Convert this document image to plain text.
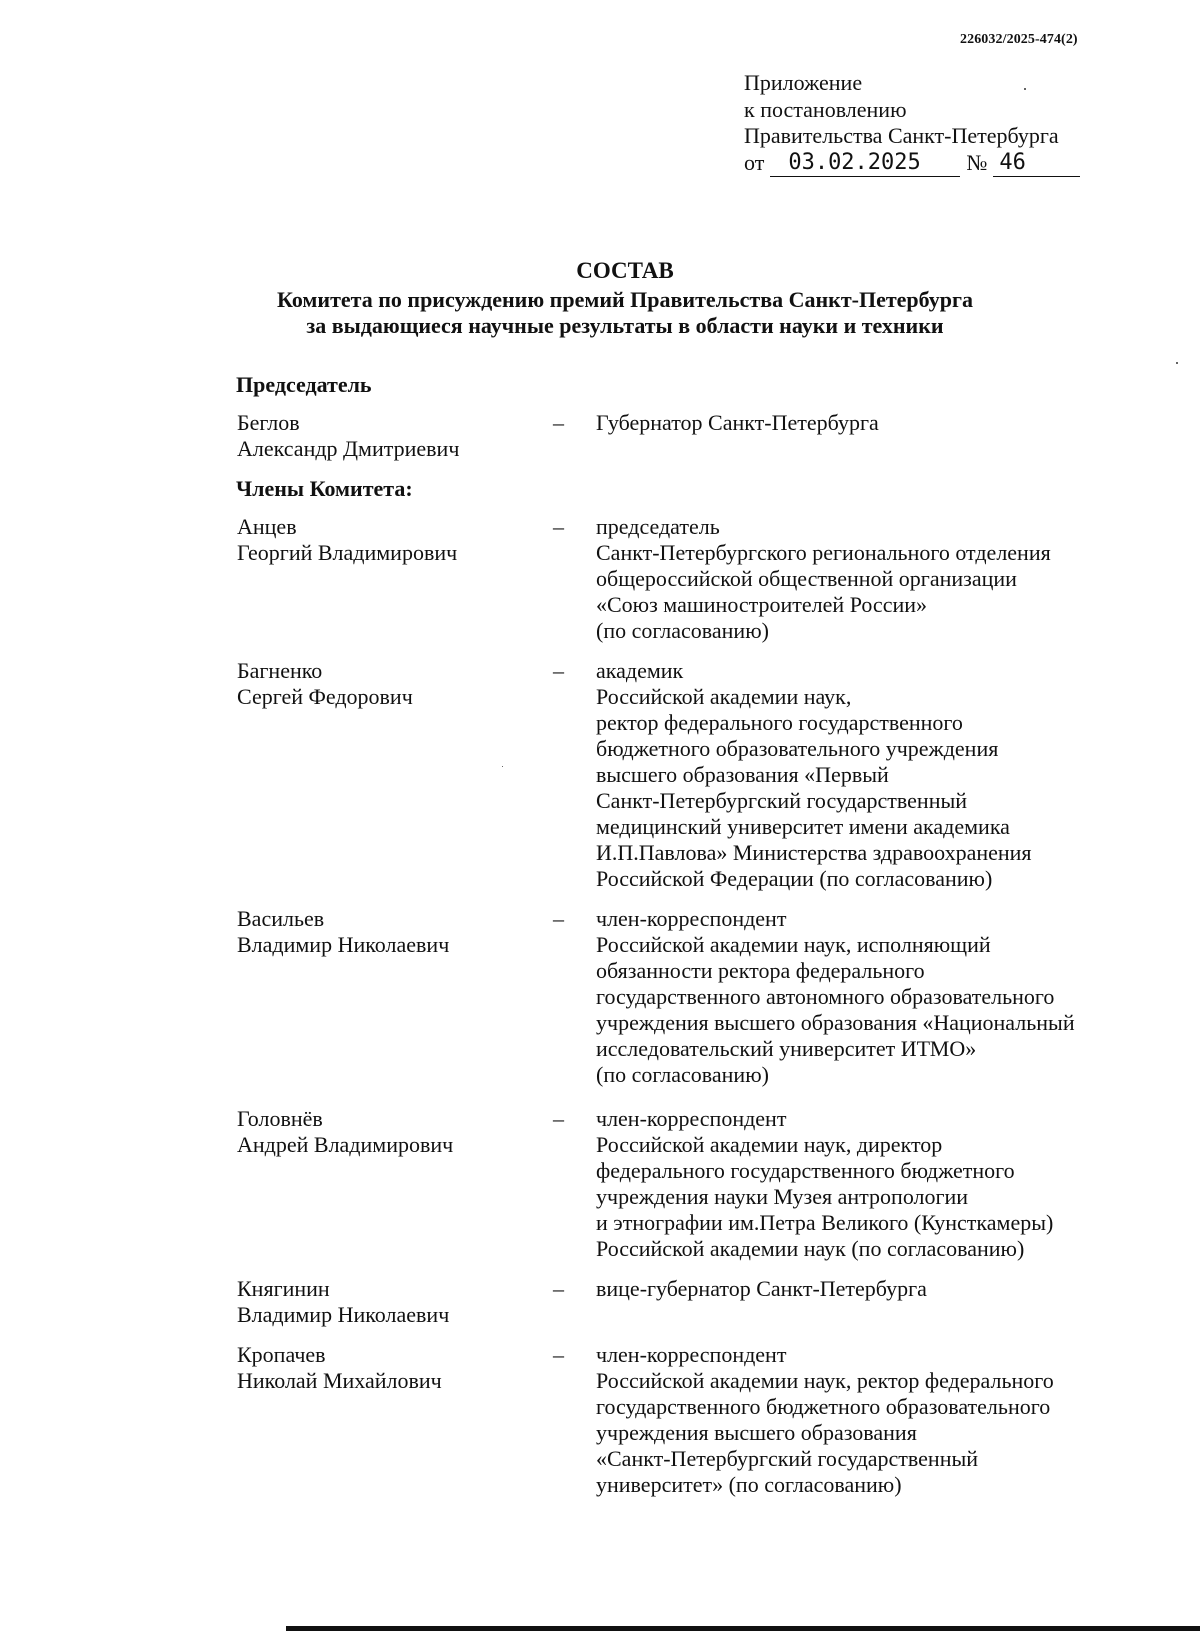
226032/2025-474(2)
Приложение
к постановлению
Правительства Санкт-Петербурга
от 03.02.2025 № 46
СОСТАВ
Комитета по присуждению премий Правительства Санкт-Петербурга
за выдающиеся научные результаты в области науки и техники
Председатель
Беглов
Александр Дмитриевич
– Губернатор Санкт-Петербурга
Члены Комитета:
Анцев
Георгий Владимирович
– председатель
Санкт-Петербургского регионального отделения
общероссийской общественной организации
«Союз машиностроителей России»
(по согласованию)
Багненко
Сергей Федорович
– академик
Российской академии наук,
ректор федерального государственного
бюджетного образовательного учреждения
высшего образования «Первый
Санкт-Петербургский государственный
медицинский университет имени академика
И.П.Павлова» Министерства здравоохранения
Российской Федерации (по согласованию)
Васильев
Владимир Николаевич
– член-корреспондент
Российской академии наук, исполняющий
обязанности ректора федерального
государственного автономного образовательного
учреждения высшего образования «Национальный
исследовательский университет ИТМО»
(по согласованию)
Головнёв
Андрей Владимирович
– член-корреспондент
Российской академии наук, директор
федерального государственного бюджетного
учреждения науки Музея антропологии
и этнографии им.Петра Великого (Кунсткамеры)
Российской академии наук (по согласованию)
Княгинин
Владимир Николаевич
– вице-губернатор Санкт-Петербурга
Кропачев
Николай Михайлович
– член-корреспондент
Российской академии наук, ректор федерального
государственного бюджетного образовательного
учреждения высшего образования
«Санкт-Петербургский государственный
университет» (по согласованию)
